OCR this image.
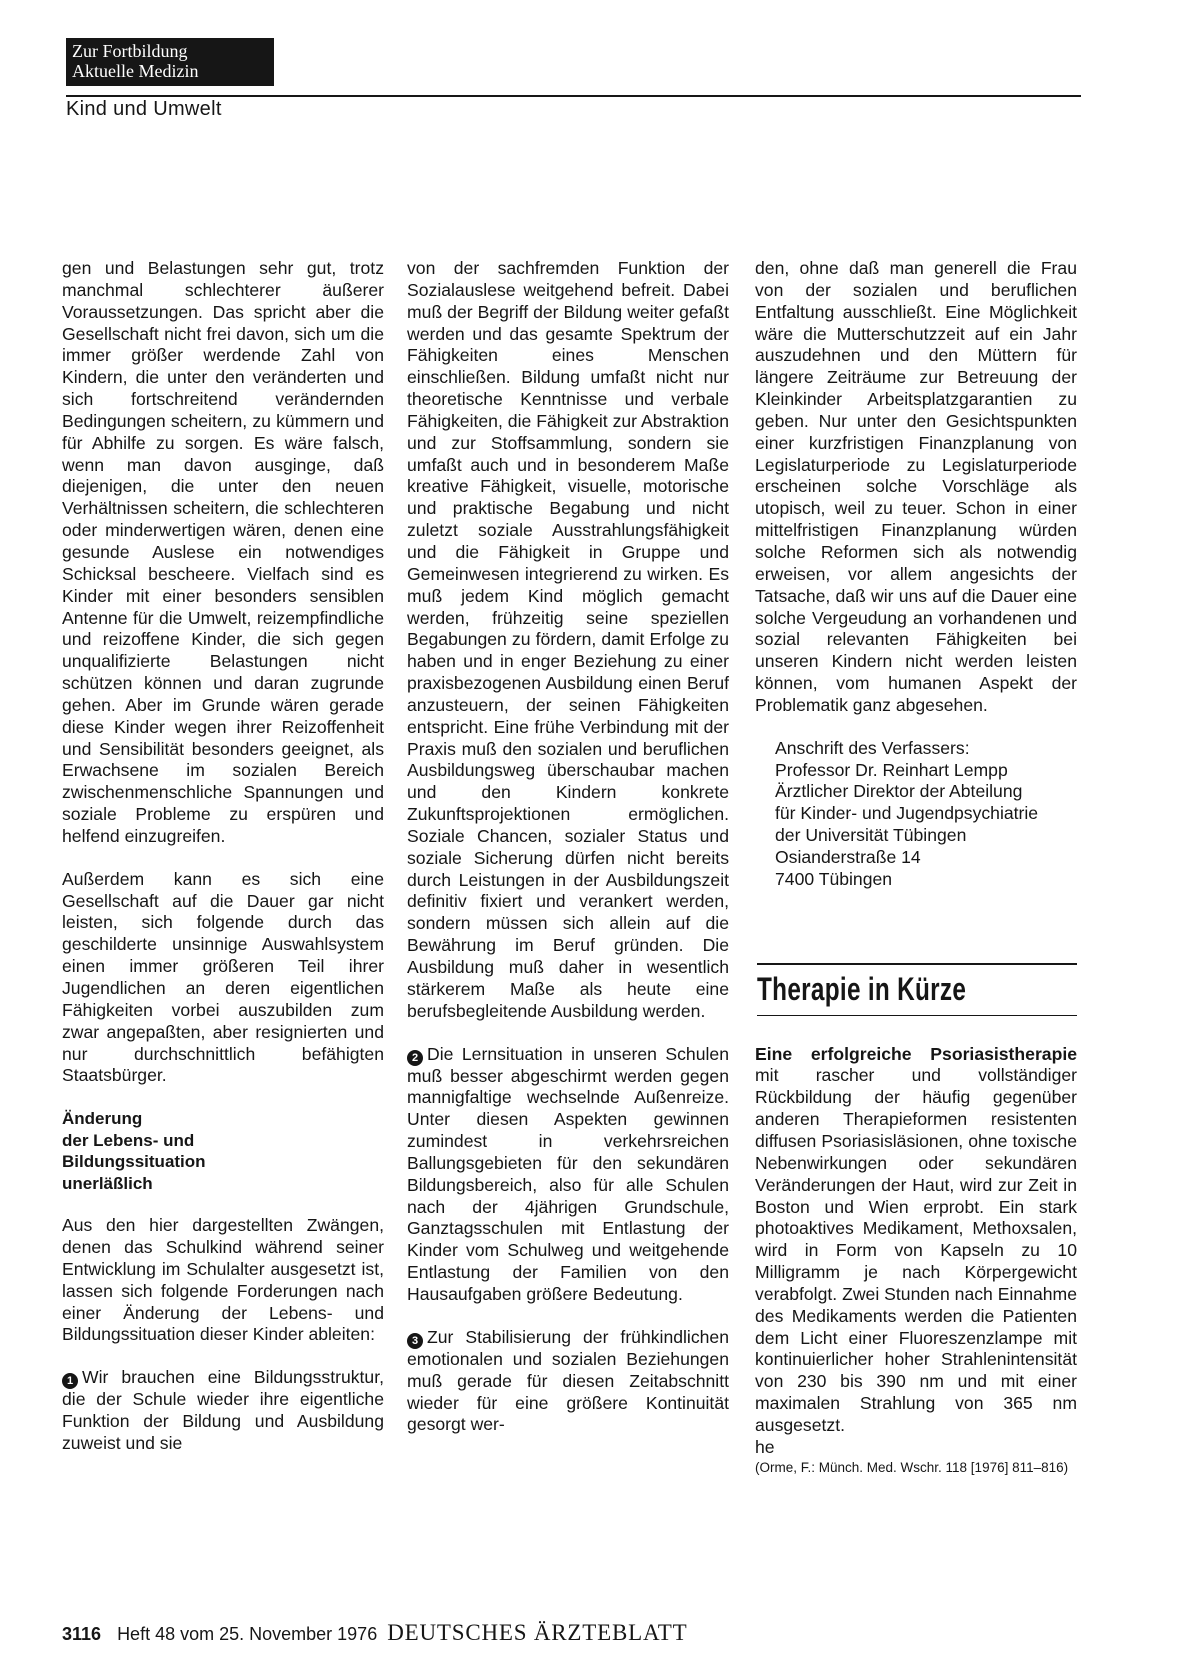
Zur Fortbildung
Aktuelle Medizin
Kind und Umwelt

gen und Belastungen sehr gut, trotz manchmal schlechterer äußerer Voraussetzungen. Das spricht aber die Gesellschaft nicht frei davon, sich um die immer größer werdende Zahl von Kindern, die unter den veränderten und sich fortschreitend verändernden Bedingungen scheitern, zu kümmern und für Abhilfe zu sorgen. Es wäre falsch, wenn man davon ausginge, daß diejenigen, die unter den neuen Verhältnissen scheitern, die schlechteren oder minderwertigen wären, denen eine gesunde Auslese ein notwendiges Schicksal bescheere. Vielfach sind es Kinder mit einer besonders sensiblen Antenne für die Umwelt, reizempfindliche und reizoffene Kinder, die sich gegen unqualifizierte Belastungen nicht schützen können und daran zugrunde gehen. Aber im Grunde wären gerade diese Kinder wegen ihrer Reizoffenheit und Sensibilität besonders geeignet, als Erwachsene im sozialen Bereich zwischenmenschliche Spannungen und soziale Probleme zu erspüren und helfend einzugreifen.

Außerdem kann es sich eine Gesellschaft auf die Dauer gar nicht leisten, sich folgende durch das geschilderte unsinnige Auswahlsystem einen immer größeren Teil ihrer Jugendlichen an deren eigentlichen Fähigkeiten vorbei auszubilden zum zwar angepaßten, aber resignierten und nur durchschnittlich befähigten Staatsbürger.

Änderung

der Lebens- und

Bildungssituation

unerläßlich

Aus den hier dargestellten Zwängen, denen das Schulkind während seiner Entwicklung im Schulalter ausgesetzt ist, lassen sich folgende Forderungen nach einer Änderung der Lebens- und Bildungssituation dieser Kinder ableiten:

1 Wir brauchen eine Bildungsstruktur, die der Schule wieder ihre eigentliche Funktion der Bildung und Ausbildung zuweist und sie

von der sachfremden Funktion der Sozialauslese weitgehend befreit. Dabei muß der Begriff der Bildung weiter gefaßt werden und das gesamte Spektrum der Fähigkeiten eines Menschen einschließen. Bildung umfaßt nicht nur theoretische Kenntnisse und verbale Fähigkeiten, die Fähigkeit zur Abstraktion und zur Stoffsammlung, sondern sie umfaßt auch und in besonderem Maße kreative Fähigkeit, visuelle, motorische und praktische Begabung und nicht zuletzt soziale Ausstrahlungsfähigkeit und die Fähigkeit in Gruppe und Gemeinwesen integrierend zu wirken. Es muß jedem Kind möglich gemacht werden, frühzeitig seine speziellen Begabungen zu fördern, damit Erfolge zu haben und in enger Beziehung zu einer praxisbezogenen Ausbildung einen Beruf anzusteuern, der seinen Fähigkeiten entspricht. Eine frühe Verbindung mit der Praxis muß den sozialen und beruflichen Ausbildungsweg überschaubar machen und den Kindern konkrete Zukunftsprojektionen ermöglichen. Soziale Chancen, sozialer Status und soziale Sicherung dürfen nicht bereits durch Leistungen in der Ausbildungszeit definitiv fixiert und verankert werden, sondern müssen sich allein auf die Bewährung im Beruf gründen. Die Ausbildung muß daher in wesentlich stärkerem Maße als heute eine berufsbegleitende Ausbildung werden.

2 Die Lernsituation in unseren Schulen muß besser abgeschirmt werden gegen mannigfaltige wechselnde Außenreize. Unter diesen Aspekten gewinnen zumindest in verkehrsreichen Ballungsgebieten für den sekundären Bildungsbereich, also für alle Schulen nach der 4jährigen Grundschule, Ganztagsschulen mit Entlastung der Kinder vom Schulweg und weitgehende Entlastung der Familien von den Hausaufgaben größere Bedeutung.

3 Zur Stabilisierung der frühkindlichen emotionalen und sozialen Beziehungen muß gerade für diesen Zeitabschnitt wieder für eine größere Kontinuität gesorgt wer-

den, ohne daß man generell die Frau von der sozialen und beruflichen Entfaltung ausschließt. Eine Möglichkeit wäre die Mutterschutzzeit auf ein Jahr auszudehnen und den Müttern für längere Zeiträume zur Betreuung der Kleinkinder Arbeitsplatzgarantien zu geben. Nur unter den Gesichtspunkten einer kurzfristigen Finanzplanung von Legislaturperiode zu Legislaturperiode erscheinen solche Vorschläge als utopisch, weil zu teuer. Schon in einer mittelfristigen Finanzplanung würden solche Reformen sich als notwendig erweisen, vor allem angesichts der Tatsache, daß wir uns auf die Dauer eine solche Vergeudung an vorhandenen und sozial relevanten Fähigkeiten bei unseren Kindern nicht werden leisten können, vom humanen Aspekt der Problematik ganz abgesehen.

Anschrift des Verfassers:
Professor Dr. Reinhart Lempp
Ärztlicher Direktor der Abteilung
für Kinder- und Jugendpsychiatrie
der Universität Tübingen
Osianderstraße 14
7400 Tübingen
Therapie in Kürze

Eine erfolgreiche Psoriasistherapie mit rascher und vollständiger Rückbildung der häufig gegenüber anderen Therapieformen resistenten diffusen Psoriasisläsionen, ohne toxische Nebenwirkungen oder sekundären Veränderungen der Haut, wird zur Zeit in Boston und Wien erprobt. Ein stark photoaktives Medikament, Methoxsalen, wird in Form von Kapseln zu 10 Milligramm je nach Körpergewicht verabfolgt. Zwei Stunden nach Einnahme des Medikaments werden die Patienten dem Licht einer Fluoreszenzlampe mit kontinuierlicher hoher Strahlenintensität von 230 bis 390 nm und mit einer maximalen Strahlung von 365 nm ausgesetzt.

he

(Orme, F.: Münch. Med. Wschr. 118 [1976] 811–816)

3116 Heft 48 vom 25. November 1976 DEUTSCHES ÄRZTEBLATT
